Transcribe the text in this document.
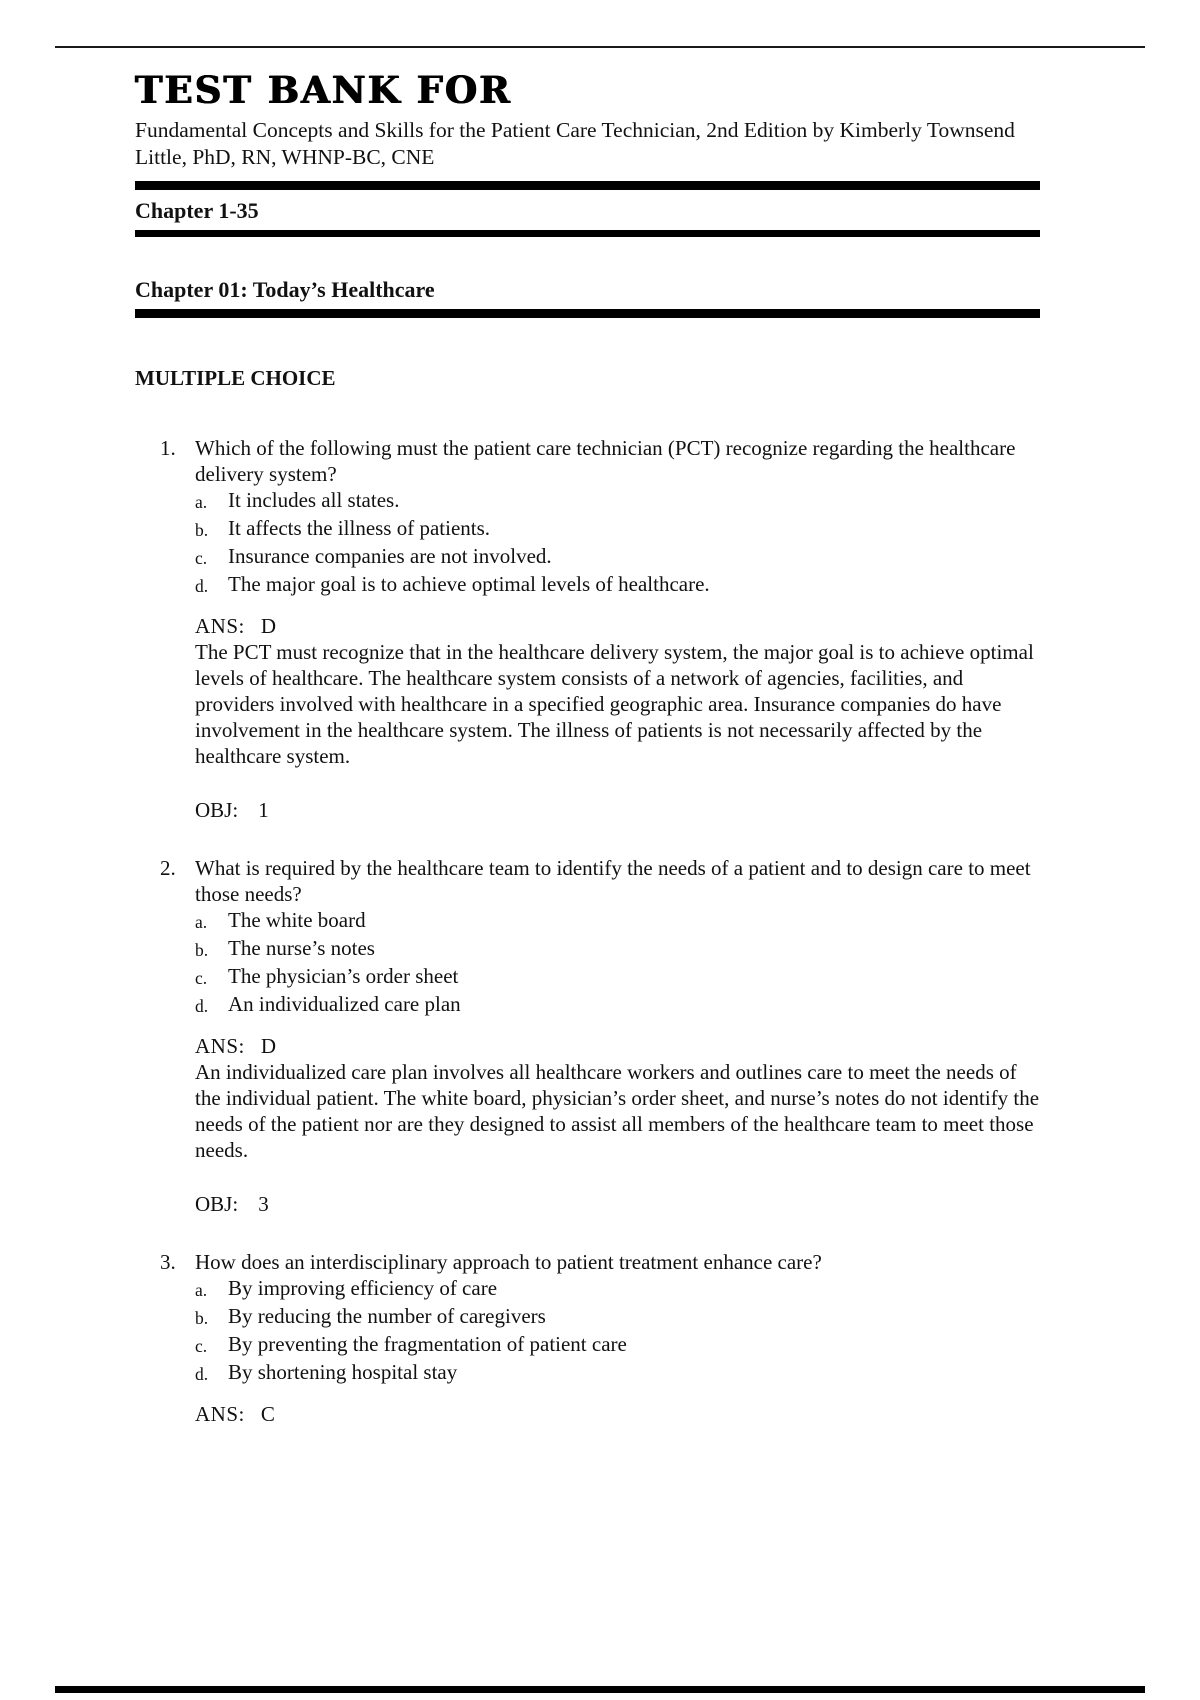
TEST BANK FOR

Fundamental Concepts and Skills for the Patient Care Technician, 2nd Edition by Kimberly Townsend Little, PhD, RN, WHNP-BC, CNE

Chapter 1-35
Chapter 01: Today’s Healthcare
MULTIPLE CHOICE
1. Which of the following must the patient care technician (PCT) recognize regarding the healthcare delivery system?

a. It includes all states.
b. It affects the illness of patients.
c. Insurance companies are not involved.
d. The major goal is to achieve optimal levels of healthcare.
ANS: D

The PCT must recognize that in the healthcare delivery system, the major goal is to achieve optimal levels of healthcare. The healthcare system consists of a network of agencies, facilities, and providers involved with healthcare in a specified geographic area. Insurance companies do have involvement in the healthcare system. The illness of patients is not necessarily affected by the healthcare system.

OBJ: 1
2. What is required by the healthcare team to identify the needs of a patient and to design care to meet those needs?

a. The white board
b. The nurse’s notes
c. The physician’s order sheet
d. An individualized care plan
ANS: D

An individualized care plan involves all healthcare workers and outlines care to meet the needs of the individual patient. The white board, physician’s order sheet, and nurse’s notes do not identify the needs of the patient nor are they designed to assist all members of the healthcare team to meet those needs.

OBJ: 3
3. How does an interdisciplinary approach to patient treatment enhance care?

a. By improving efficiency of care
b. By reducing the number of caregivers
c. By preventing the fragmentation of patient care
d. By shortening hospital stay
ANS: C
